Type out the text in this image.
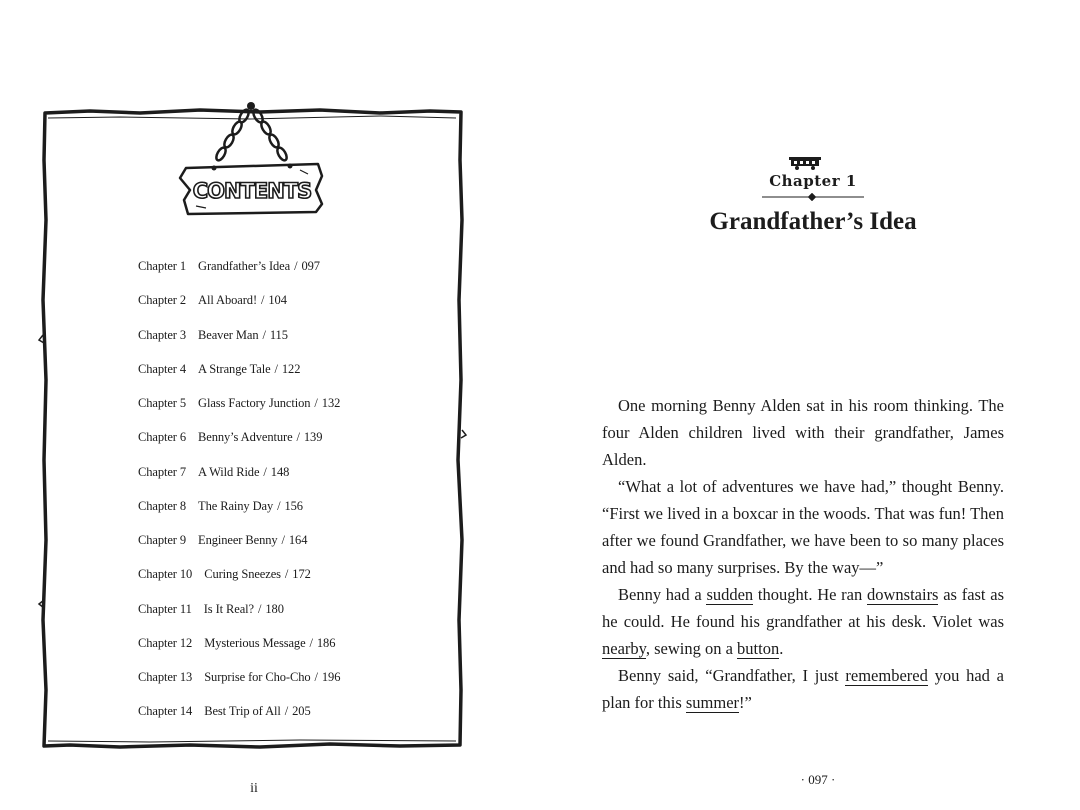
CONTENTS
Chapter 1 Grandfather’s Idea / 097
Chapter 2 All Aboard! / 104
Chapter 3 Beaver Man / 115
Chapter 4 A Strange Tale / 122
Chapter 5 Glass Factory Junction / 132
Chapter 6 Benny’s Adventure / 139
Chapter 7 A Wild Ride / 148
Chapter 8 The Rainy Day / 156
Chapter 9 Engineer Benny / 164
Chapter 10 Curing Sneezes / 172
Chapter 11 Is It Real? / 180
Chapter 12 Mysterious Message / 186
Chapter 13 Surprise for Cho-Cho / 196
Chapter 14 Best Trip of All / 205
ii
Chapter 1
Grandfather’s Idea

One morning Benny Alden sat in his room thinking. The four Alden children lived with their grandfather, James Alden.

“What a lot of adventures we have had,” thought Benny. “First we lived in a boxcar in the woods. That was fun! Then after we found Grandfather, we have been to so many places and had so many surprises. By the way—”

Benny had a sudden thought. He ran downstairs as fast as he could. He found his grandfather at his desk. Violet was nearby, sewing on a button.

Benny said, “Grandfather, I just remembered you had a plan for this summer!”

· 097 ·
